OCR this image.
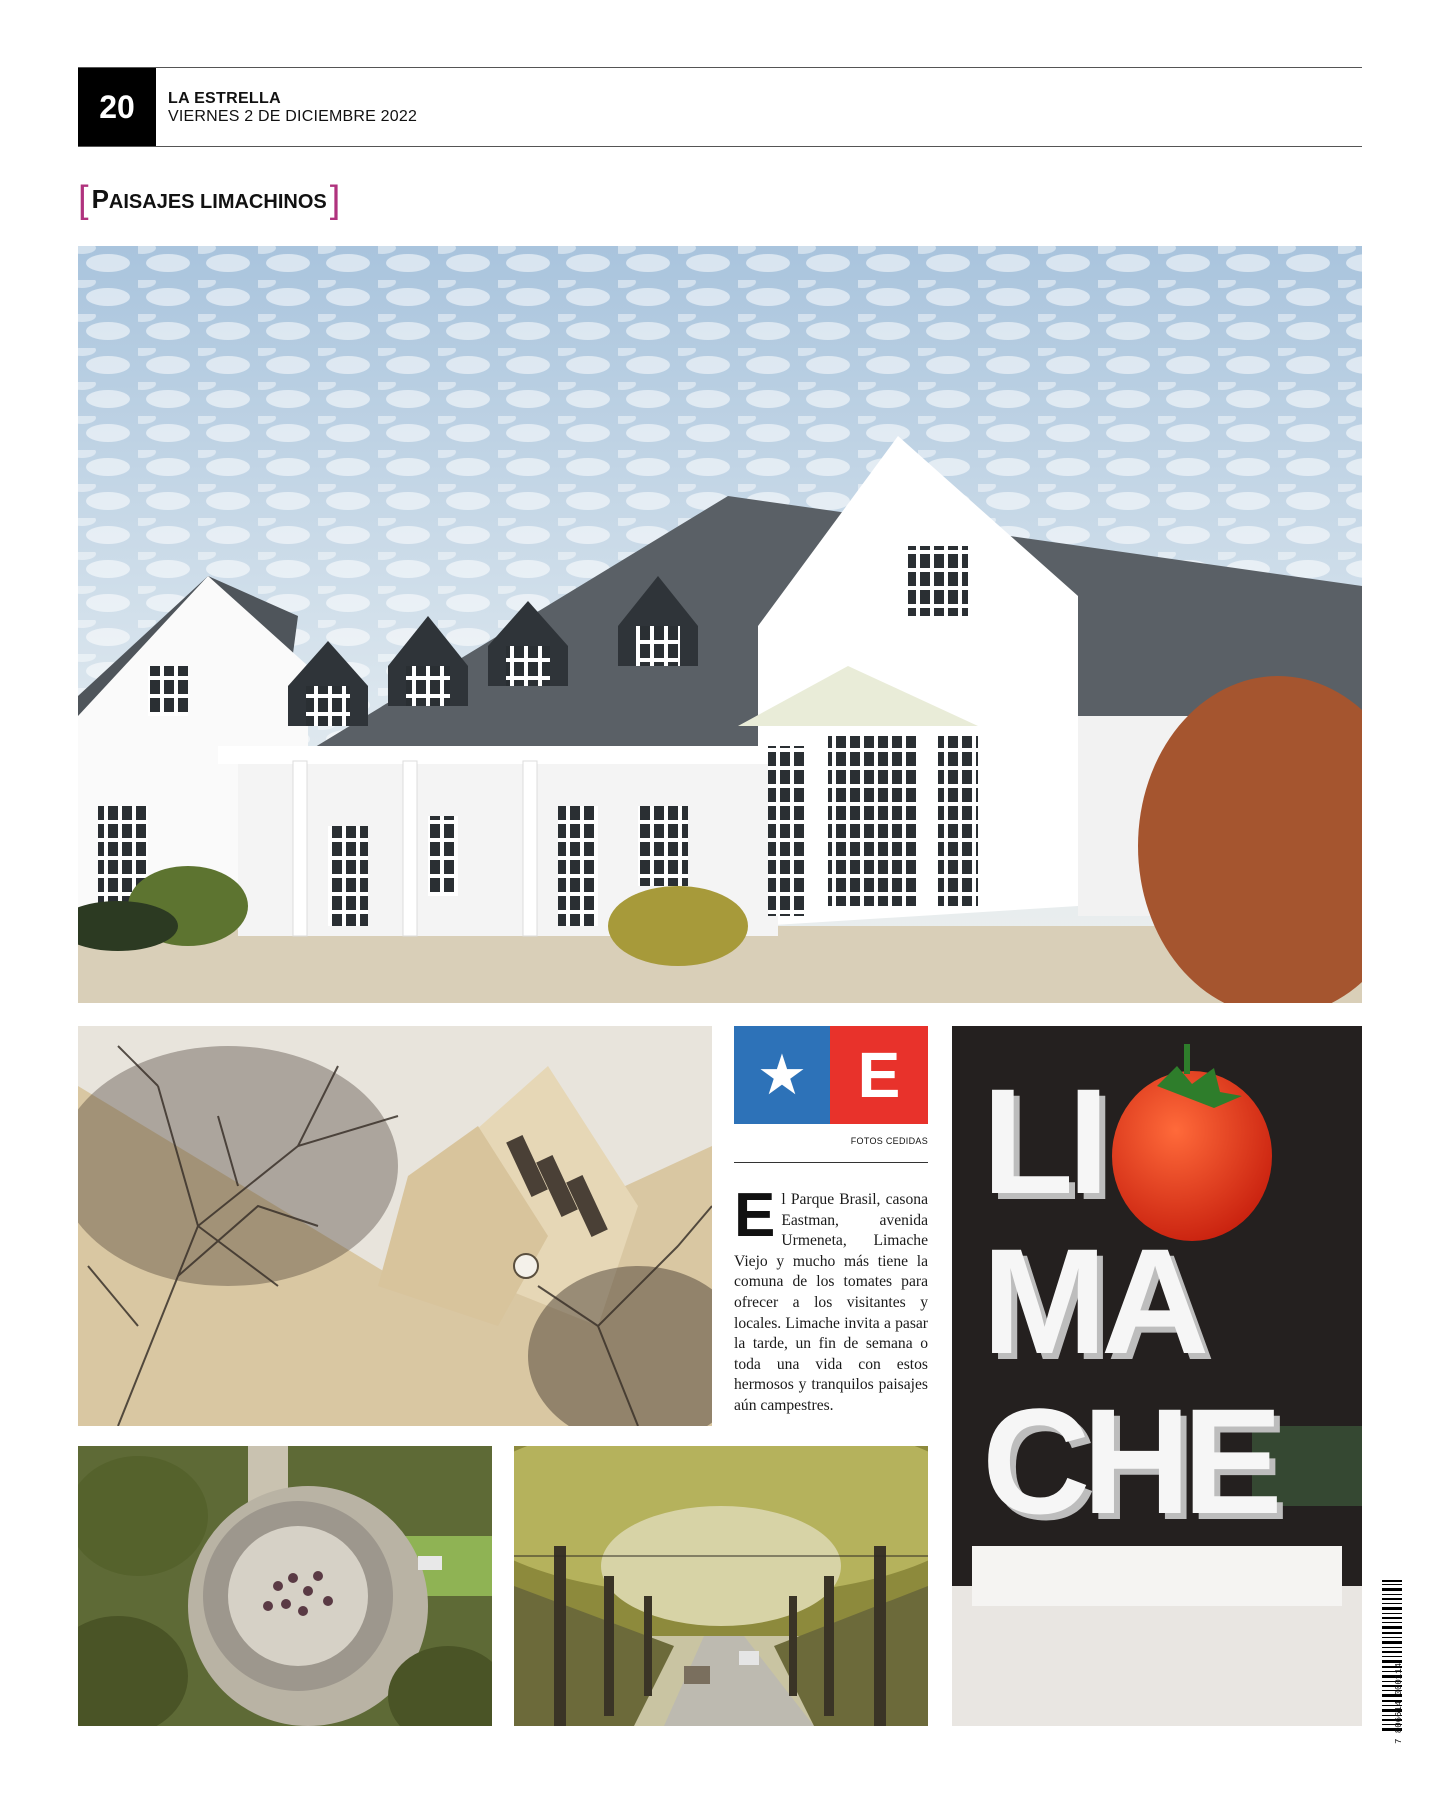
20	LA ESTRELLA
VIERNES 2 DE DICIEMBRE 2022
[ PAISAJES LIMACHINOS ]
★ E
FOTOS CEDIDAS
El Parque Brasil, casona Eastman, avenida Urmeneta, Limache Viejo y mucho más tiene la comuna de los tomates para ofrecer a los visitantes y locales. Limache invita a pasar la tarde, un fin de semana o toda una vida con estos hermosos y tranquilos paisajes aún campestres.
LI
MA
CHE
7 806614 000114
